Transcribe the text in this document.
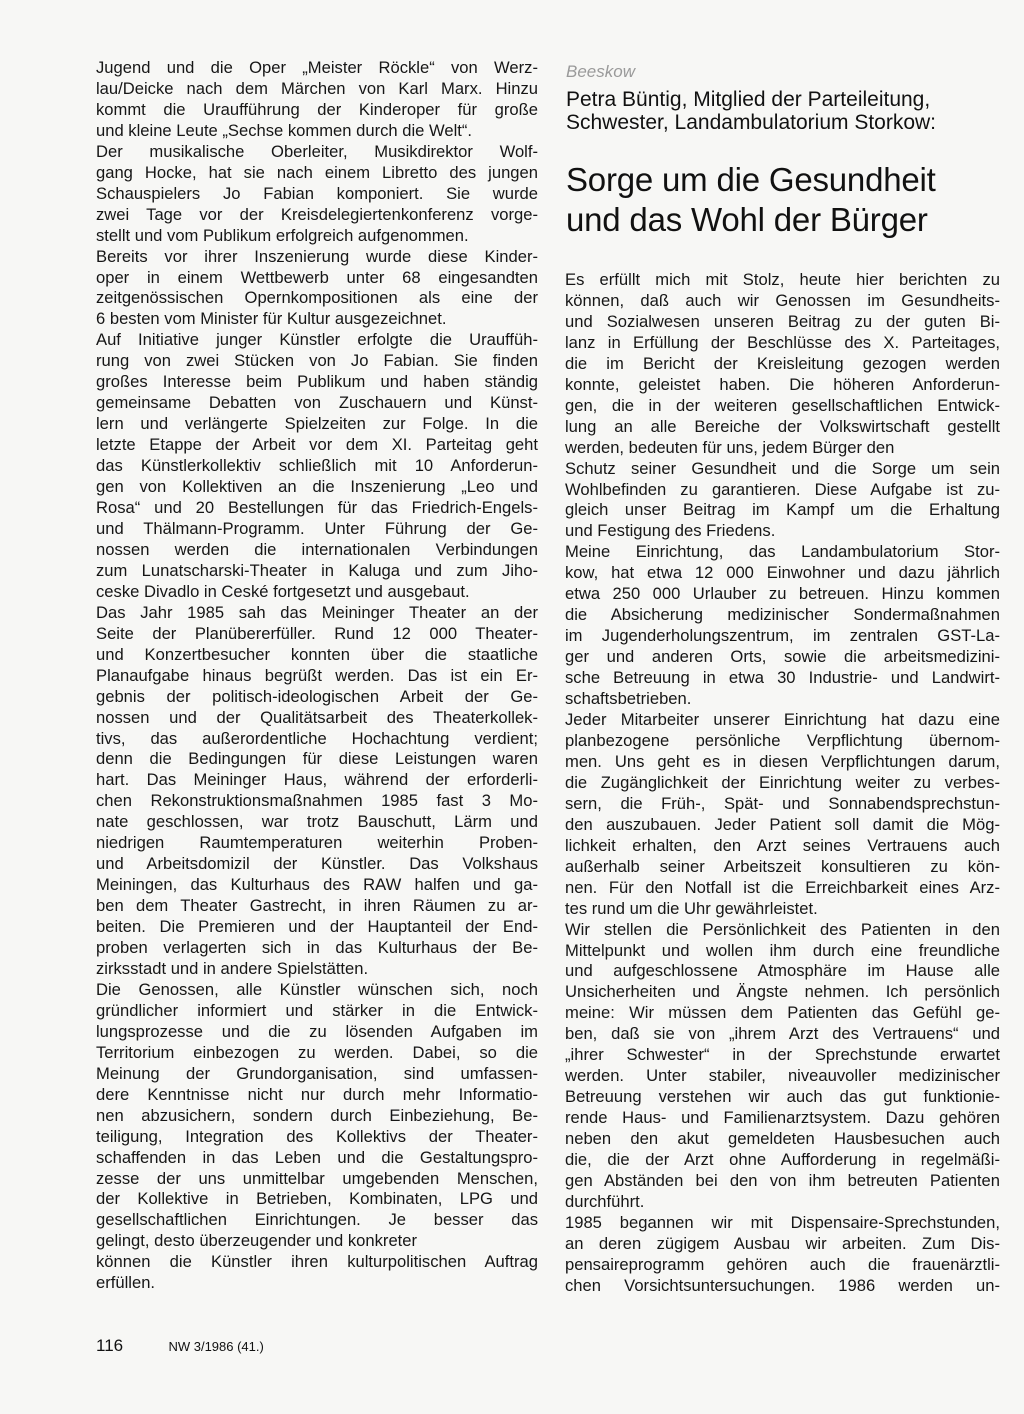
Jugend und die Oper „Meister Röckle“ von Werz-
lau/Deicke nach dem Märchen von Karl Marx. Hinzu
kommt die Uraufführung der Kinderoper für große
und kleine Leute „Sechse kommen durch die Welt“.
Der musikalische Oberleiter, Musikdirektor Wolf-
gang Hocke, hat sie nach einem Libretto des jungen
Schauspielers Jo Fabian komponiert. Sie wurde
zwei Tage vor der Kreisdelegiertenkonferenz vorge-
stellt und vom Publikum erfolgreich aufgenommen.
Bereits vor ihrer Inszenierung wurde diese Kinder-
oper in einem Wettbewerb unter 68 eingesandten
zeitgenössischen Opernkompositionen als eine der
6 besten vom Minister für Kultur ausgezeichnet.
Auf Initiative junger Künstler erfolgte die Urauffüh-
rung von zwei Stücken von Jo Fabian. Sie finden
großes Interesse beim Publikum und haben ständig
gemeinsame Debatten von Zuschauern und Künst-
lern und verlängerte Spielzeiten zur Folge. In die
letzte Etappe der Arbeit vor dem XI. Parteitag geht
das Künstlerkollektiv schließlich mit 10 Anforderun-
gen von Kollektiven an die Inszenierung „Leo und
Rosa“ und 20 Bestellungen für das Friedrich-Engels-
und Thälmann-Programm. Unter Führung der Ge-
nossen werden die internationalen Verbindungen
zum Lunatscharski-Theater in Kaluga und zum Jiho-
ceske Divadlo in Ceské fortgesetzt und ausgebaut.
Das Jahr 1985 sah das Meininger Theater an der
Seite der Planübererfüller. Rund 12 000 Theater-
und Konzertbesucher konnten über die staatliche
Planaufgabe hinaus begrüßt werden. Das ist ein Er-
gebnis der politisch-ideologischen Arbeit der Ge-
nossen und der Qualitätsarbeit des Theaterkollek-
tivs, das außerordentliche Hochachtung verdient;
denn die Bedingungen für diese Leistungen waren
hart. Das Meininger Haus, während der erforderli-
chen Rekonstruktionsmaßnahmen 1985 fast 3 Mo-
nate geschlossen, war trotz Bauschutt, Lärm und
niedrigen Raumtemperaturen weiterhin Proben-
und Arbeitsdomizil der Künstler. Das Volkshaus
Meiningen, das Kulturhaus des RAW halfen und ga-
ben dem Theater Gastrecht, in ihren Räumen zu ar-
beiten. Die Premieren und der Hauptanteil der End-
proben verlagerten sich in das Kulturhaus der Be-
zirksstadt und in andere Spielstätten.
Die Genossen, alle Künstler wünschen sich, noch
gründlicher informiert und stärker in die Entwick-
lungsprozesse und die zu lösenden Aufgaben im
Territorium einbezogen zu werden. Dabei, so die
Meinung der Grundorganisation, sind umfassen-
dere Kenntnisse nicht nur durch mehr Informatio-
nen abzusichern, sondern durch Einbeziehung, Be-
teiligung, Integration des Kollektivs der Theater-
schaffenden in das Leben und die Gestaltungspro-
zesse der uns unmittelbar umgebenden Menschen,
der Kollektive in Betrieben, Kombinaten, LPG und
gesellschaftlichen Einrichtungen. Je besser das
gelingt, desto überzeugender und konkreter
können die Künstler ihren kulturpolitischen Auftrag
erfüllen.
Beeskow
Petra Büntig, Mitglied der Parteileitung,
Schwester, Landambulatorium Storkow:
Sorge um die Gesundheit
und das Wohl der Bürger
Es erfüllt mich mit Stolz, heute hier berichten zu
können, daß auch wir Genossen im Gesundheits-
und Sozialwesen unseren Beitrag zu der guten Bi-
lanz in Erfüllung der Beschlüsse des X. Parteitages,
die im Bericht der Kreisleitung gezogen werden
konnte, geleistet haben. Die höheren Anforderun-
gen, die in der weiteren gesellschaftlichen Entwick-
lung an alle Bereiche der Volkswirtschaft gestellt
werden, bedeuten für uns, jedem Bürger den
Schutz seiner Gesundheit und die Sorge um sein
Wohlbefinden zu garantieren. Diese Aufgabe ist zu-
gleich unser Beitrag im Kampf um die Erhaltung
und Festigung des Friedens.
Meine Einrichtung, das Landambulatorium Stor-
kow, hat etwa 12 000 Einwohner und dazu jährlich
etwa 250 000 Urlauber zu betreuen. Hinzu kommen
die Absicherung medizinischer Sondermaßnahmen
im Jugenderholungszentrum, im zentralen GST-La-
ger und anderen Orts, sowie die arbeitsmedizini-
sche Betreuung in etwa 30 Industrie- und Landwirt-
schaftsbetrieben.
Jeder Mitarbeiter unserer Einrichtung hat dazu eine
planbezogene persönliche Verpflichtung übernom-
men. Uns geht es in diesen Verpflichtungen darum,
die Zugänglichkeit der Einrichtung weiter zu verbes-
sern, die Früh-, Spät- und Sonnabendsprechstun-
den auszubauen. Jeder Patient soll damit die Mög-
lichkeit erhalten, den Arzt seines Vertrauens auch
außerhalb seiner Arbeitszeit konsultieren zu kön-
nen. Für den Notfall ist die Erreichbarkeit eines Arz-
tes rund um die Uhr gewährleistet.
Wir stellen die Persönlichkeit des Patienten in den
Mittelpunkt und wollen ihm durch eine freundliche
und aufgeschlossene Atmosphäre im Hause alle
Unsicherheiten und Ängste nehmen. Ich persönlich
meine: Wir müssen dem Patienten das Gefühl ge-
ben, daß sie von „ihrem Arzt des Vertrauens“ und
„ihrer Schwester“ in der Sprechstunde erwartet
werden. Unter stabiler, niveauvoller medizinischer
Betreuung verstehen wir auch das gut funktionie-
rende Haus- und Familienarztsystem. Dazu gehören
neben den akut gemeldeten Hausbesuchen auch
die, die der Arzt ohne Aufforderung in regelmäßi-
gen Abständen bei den von ihm betreuten Patienten
durchführt.
1985 begannen wir mit Dispensaire-Sprechstunden,
an deren zügigem Ausbau wir arbeiten. Zum Dis-
pensaireprogramm gehören auch die frauenärztli-
chen Vorsichtsuntersuchungen. 1986 werden un-
116	NW 3/1986 (41.)
